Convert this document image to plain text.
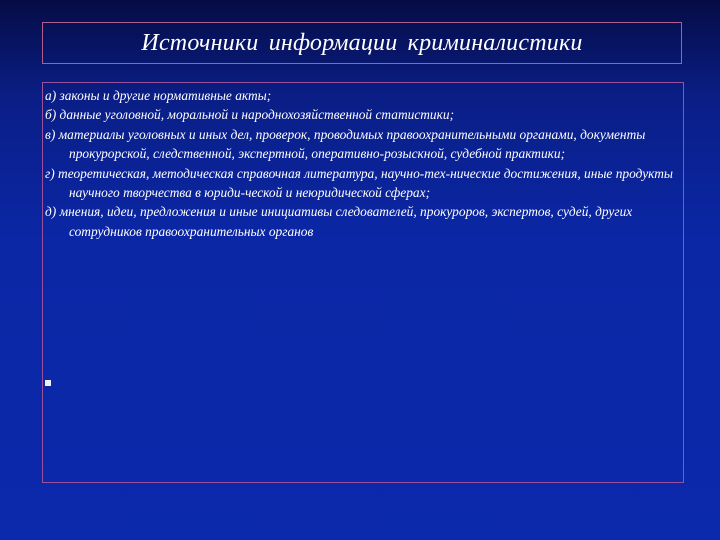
Источники информации криминалистики
а) законы и другие нормативные акты;
б) данные уголовной, моральной и народнохозяйственной статистики;
в) материалы уголовных и иных дел, проверок, проводимых правоохранительными органами, документы прокурорской, следственной, экспертной, оперативно-розыскной, судебной практики;
г) теоретическая, методическая справочная литература, научно-тех-нические достижения, иные продукты научного творчества в юриди-ческой и неюридической сферах;
д) мнения, идеи, предложения и иные инициативы следователей, прокуроров, экспертов, судей, других сотрудников правоохранительных органов
